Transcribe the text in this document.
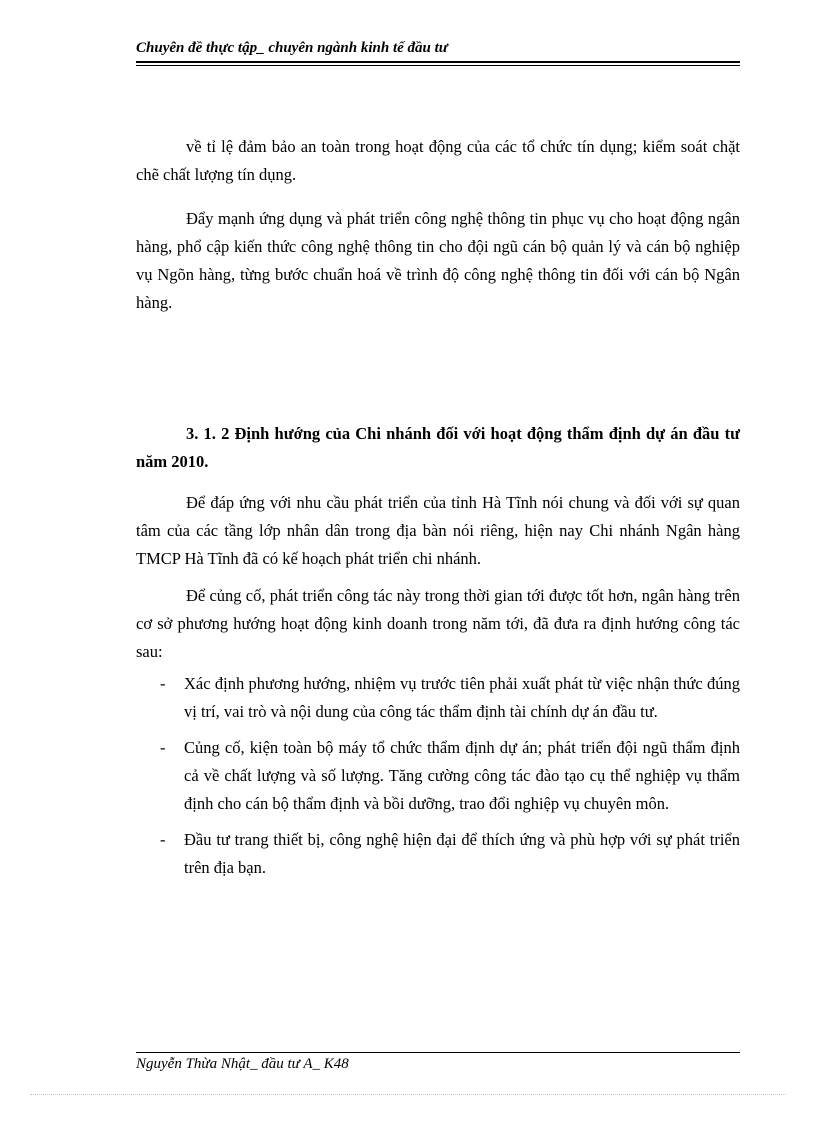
Chuyên đề thực tập_ chuyên ngành kinh tế đầu tư

về tỉ lệ đảm bảo an toàn trong hoạt động của các tổ chức tín dụng; kiểm soát chặt chẽ chất lượng tín dụng.

Đẩy mạnh ứng dụng và phát triển công nghệ thông tin phục vụ cho hoạt động ngân hàng, phổ cập kiến thức công nghệ thông tin cho đội ngũ cán bộ quản lý và cán bộ nghiệp vụ Ngõn hàng, từng bước chuẩn hoá về trình độ công nghệ thông tin đối với cán bộ Ngân hàng.

3. 1. 2 Định hướng của Chi nhánh đối với hoạt động thẩm định dự án đầu tư năm 2010.

Để đáp ứng với nhu cầu phát triển của tỉnh Hà Tĩnh nói chung và đối với sự quan tâm của các tầng lớp nhân dân trong địa bàn nói riêng, hiện nay Chi nhánh Ngân hàng TMCP Hà Tĩnh đã có kế hoạch phát triển chi nhánh.

Để củng cố, phát triển công tác này trong thời gian tới được tốt hơn, ngân hàng trên cơ sở phương hướng hoạt động kinh doanh trong năm tới, đã đưa ra định hướng công tác sau:

- Xác định phương hướng, nhiệm vụ trước tiên phải xuất phát từ việc nhận thức đúng vị trí, vai trò và nội dung của công tác thẩm định tài chính dự án đầu tư.
- Củng cố, kiện toàn bộ máy tổ chức thẩm định dự án; phát triển đội ngũ thẩm định cả về chất lượng và số lượng. Tăng cường công tác đào tạo cụ thể nghiệp vụ thẩm định cho cán bộ thẩm định và bồi dưỡng, trao đổi nghiệp vụ chuyên môn.
- Đầu tư trang thiết bị, công nghệ hiện đại để thích ứng và phù hợp với sự phát triển trên địa bạn.
Nguyễn Thừa Nhật_ đầu tư A_ K48
